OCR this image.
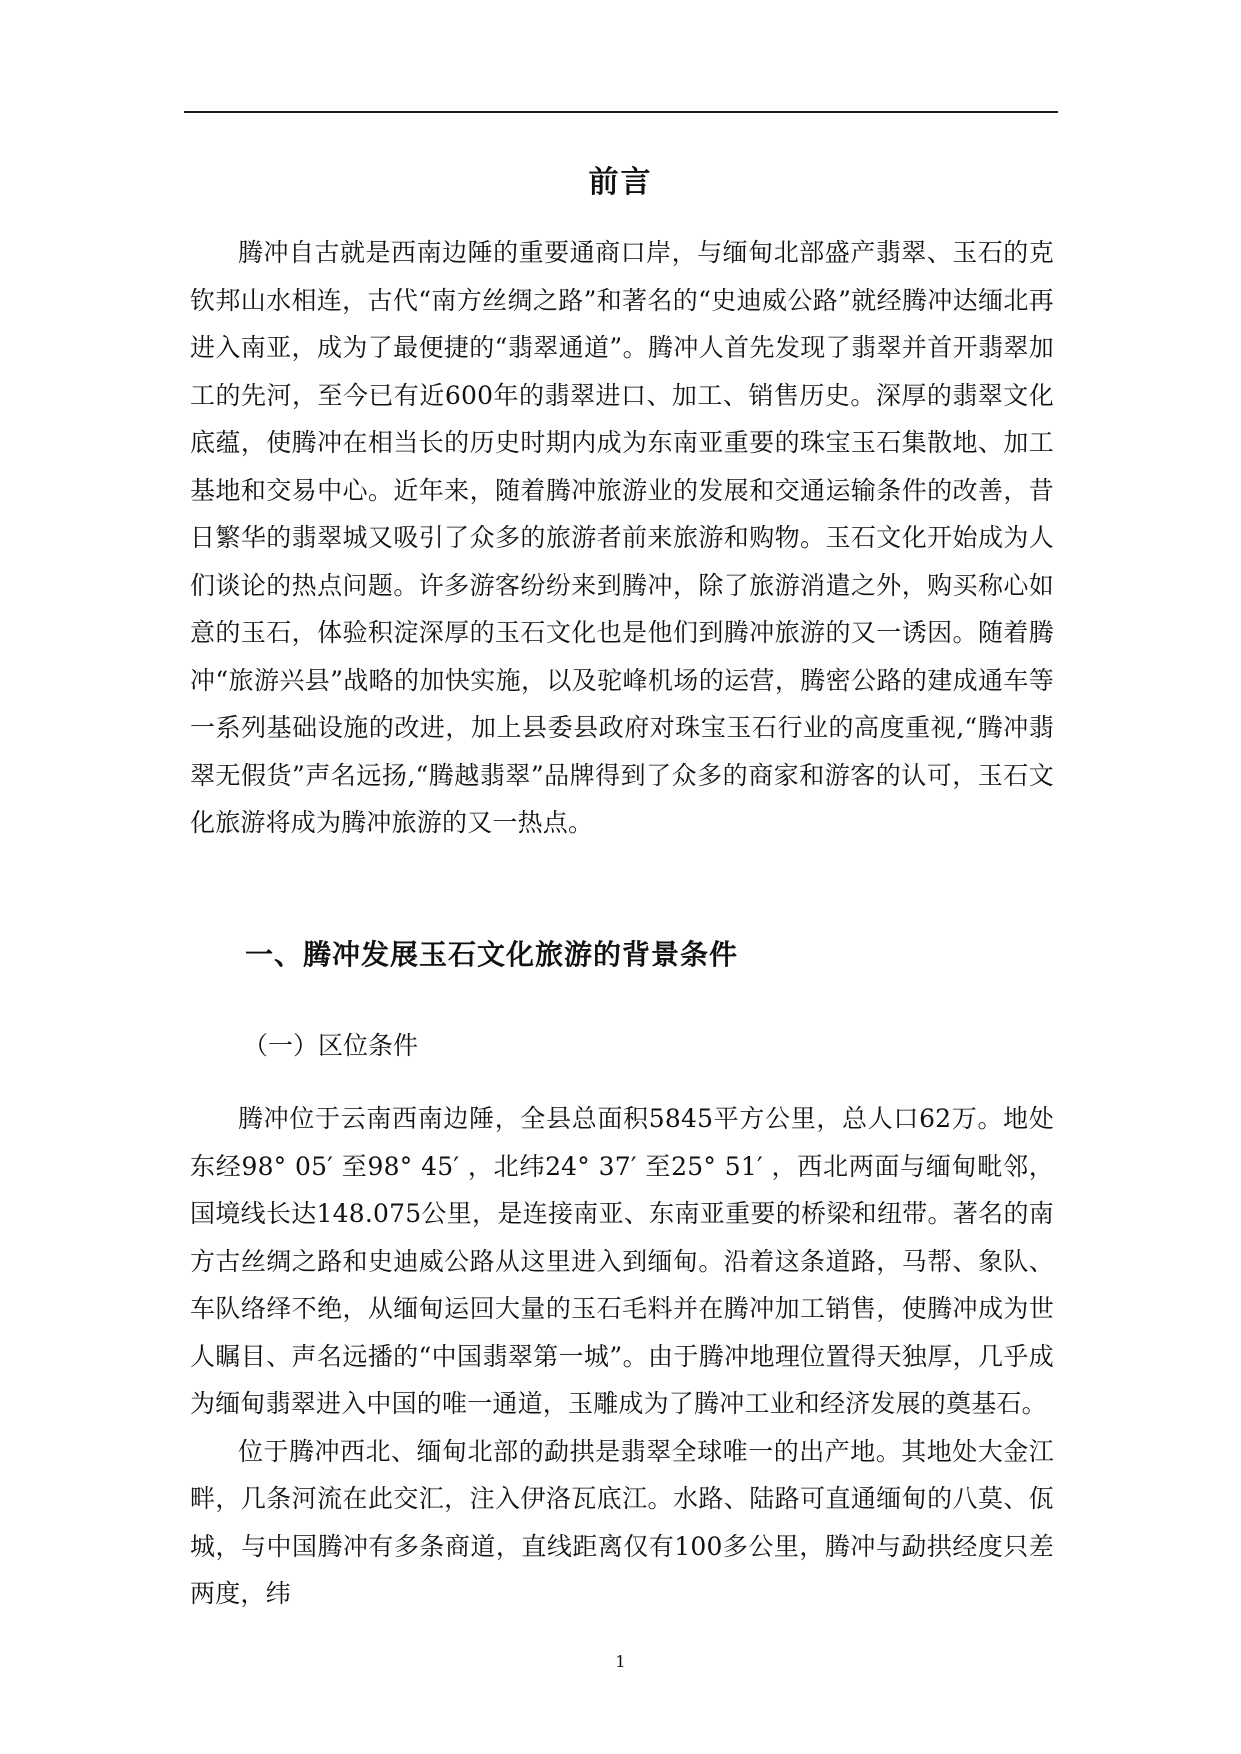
前言

腾冲自古就是西南边陲的重要通商口岸，与缅甸北部盛产翡翠、玉石的克钦邦山水相连，古代“南方丝绸之路”和著名的“史迪威公路”就经腾冲达缅北再进入南亚，成为了最便捷的“翡翠通道”。腾冲人首先发现了翡翠并首开翡翠加工的先河，至今已有近600年的翡翠进口、加工、销售历史。深厚的翡翠文化底蕴，使腾冲在相当长的历史时期内成为东南亚重要的珠宝玉石集散地、加工基地和交易中心。近年来，随着腾冲旅游业的发展和交通运输条件的改善，昔日繁华的翡翠城又吸引了众多的旅游者前来旅游和购物。玉石文化开始成为人们谈论的热点问题。许多游客纷纷来到腾冲，除了旅游消遣之外，购买称心如意的玉石，体验积淀深厚的玉石文化也是他们到腾冲旅游的又一诱因。随着腾冲“旅游兴县”战略的加快实施，以及驼峰机场的运营，腾密公路的建成通车等一系列基础设施的改进，加上县委县政府对珠宝玉石行业的高度重视,“腾冲翡翠无假货”声名远扬,“腾越翡翠”品牌得到了众多的商家和游客的认可，玉石文化旅游将成为腾冲旅游的又一热点。

一、腾冲发展玉石文化旅游的背景条件
（一）区位条件

腾冲位于云南西南边陲，全县总面积5845平方公里，总人口62万。地处东经98° 05′ 至98° 45′ ，北纬24° 37′ 至25° 51′ ，西北两面与缅甸毗邻，国境线长达148.075公里，是连接南亚、东南亚重要的桥梁和纽带。著名的南方古丝绸之路和史迪威公路从这里进入到缅甸。沿着这条道路，马帮、象队、车队络绎不绝，从缅甸运回大量的玉石毛料并在腾冲加工销售，使腾冲成为世人瞩目、声名远播的“中国翡翠第一城”。由于腾冲地理位置得天独厚，几乎成为缅甸翡翠进入中国的唯一通道，玉雕成为了腾冲工业和经济发展的奠基石。

位于腾冲西北、缅甸北部的勐拱是翡翠全球唯一的出产地。其地处大金江畔，几条河流在此交汇，注入伊洛瓦底江。水路、陆路可直通缅甸的八莫、佤城，与中国腾冲有多条商道，直线距离仅有100多公里，腾冲与勐拱经度只差两度，纬

1
